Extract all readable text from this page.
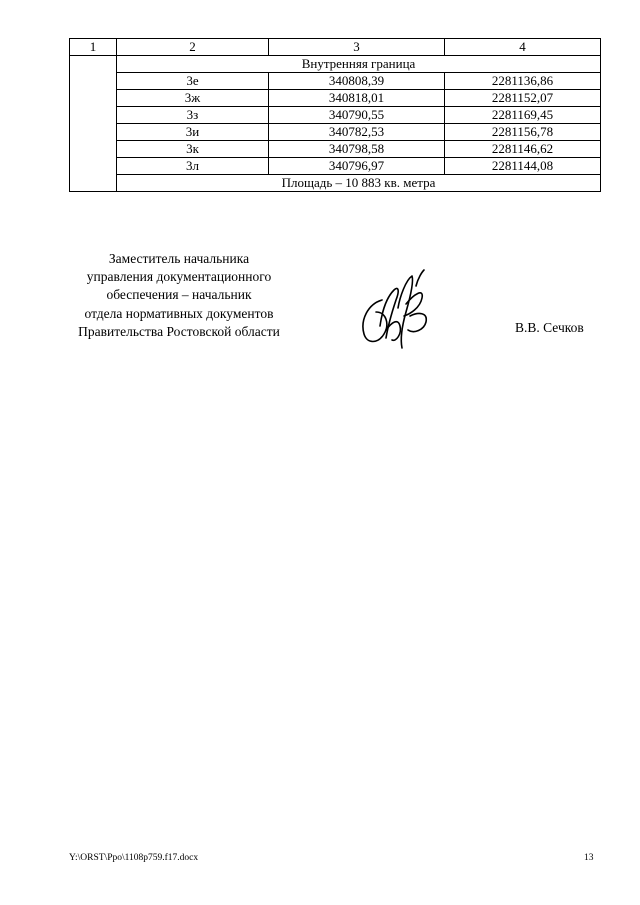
1	2	3	4
	Внутренняя граница		
	3е	340808,39	2281136,86
	3ж	340818,01	2281152,07
	3з	340790,55	2281169,45
	3и	340782,53	2281156,78
	3к	340798,58	2281146,62
	3л	340796,97	2281144,08
	Площадь – 10 883 кв. метра		
Заместитель начальника
управления документационного
обеспечения – начальник
отдела нормативных документов
Правительства Ростовской области	В.В. Сечков
Y:\ORST\Ppo\1108p759.f17.docx	13
